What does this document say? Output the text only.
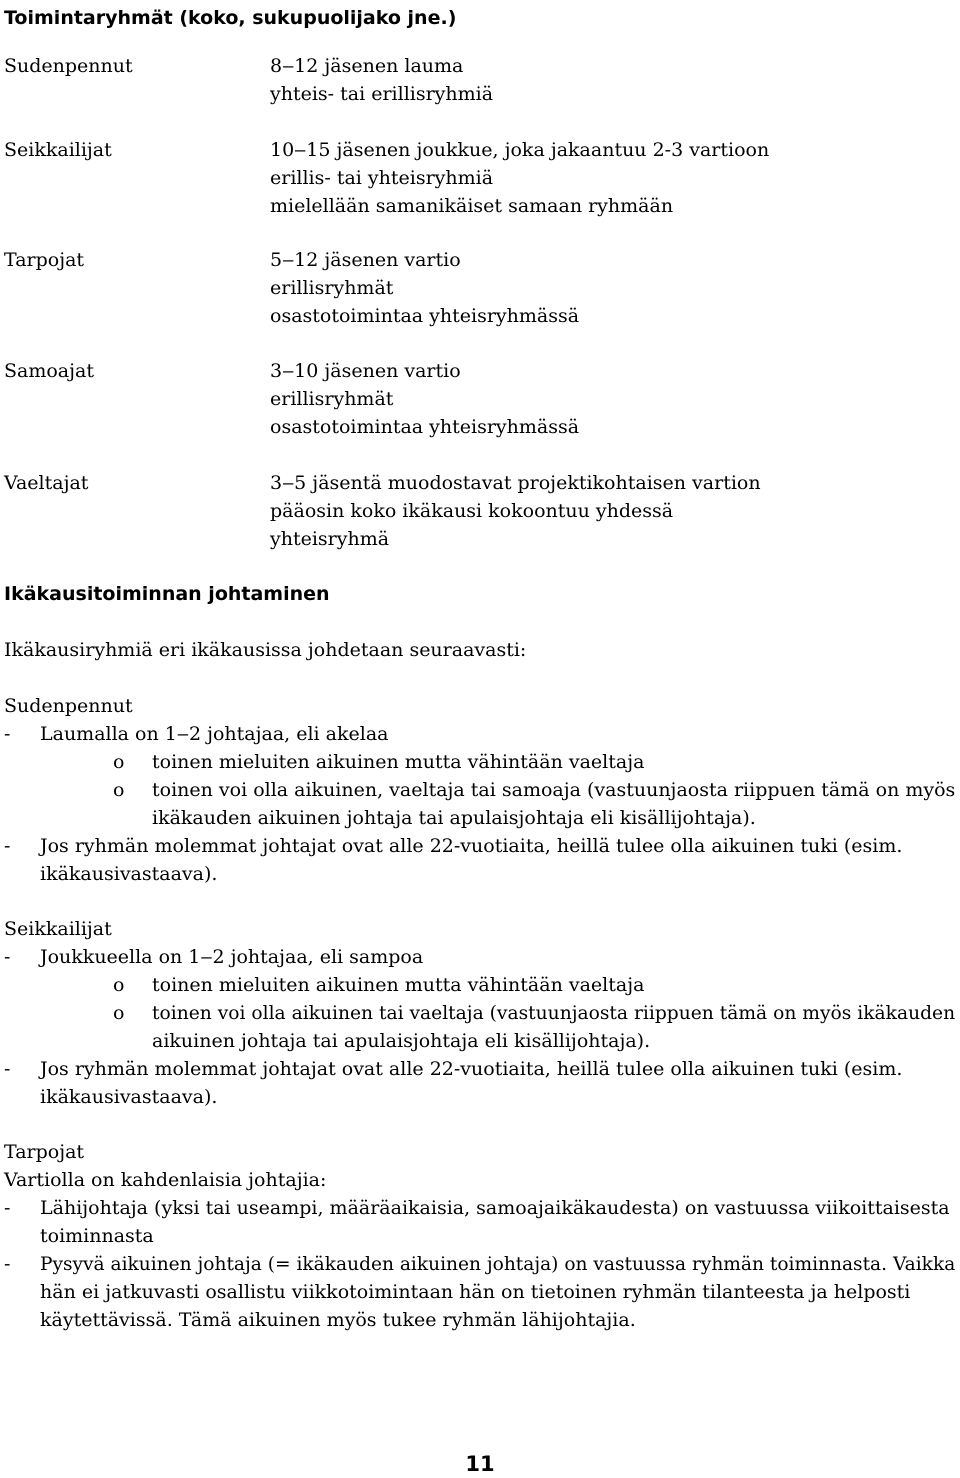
Toimintaryhmät (koko, sukupuolijako jne.)
Sudenpennut	8‒12 jäsenen lauma
yhteis- tai erillisryhmiä
Seikkailijat	10‒15 jäsenen joukkue, joka jakaantuu 2-3 vartioon
erillis- tai yhteisryhmiä
mielellään samanikäiset samaan ryhmään
Tarpojat	5‒12 jäsenen vartio
erillisryhmät
osastotoimintaa yhteisryhmässä
Samoajat	3‒10 jäsenen vartio
erillisryhmät
osastotoimintaa yhteisryhmässä
Vaeltajat	3‒5 jäsentä muodostavat projektikohtaisen vartion
pääosin koko ikäkausi kokoontuu yhdessä
yhteisryhmä
Ikäkausitoiminnan johtaminen
Ikäkausiryhmiä eri ikäkausissa johdetaan seuraavasti:
Sudenpennut
- Laumalla on 1‒2 johtajaa, eli akelaa
o toinen mieluiten aikuinen mutta vähintään vaeltaja
o toinen voi olla aikuinen, vaeltaja tai samoaja (vastuunjaosta riippuen tämä on myös
ikäkauden aikuinen johtaja tai apulaisjohtaja eli kisällijohtaja).
- Jos ryhmän molemmat johtajat ovat alle 22-vuotiaita, heillä tulee olla aikuinen tuki (esim.
ikäkausivastaava).
Seikkailijat
- Joukkueella on 1‒2 johtajaa, eli sampoa
o toinen mieluiten aikuinen mutta vähintään vaeltaja
o toinen voi olla aikuinen tai vaeltaja (vastuunjaosta riippuen tämä on myös ikäkauden
aikuinen johtaja tai apulaisjohtaja eli kisällijohtaja).
- Jos ryhmän molemmat johtajat ovat alle 22-vuotiaita, heillä tulee olla aikuinen tuki (esim.
ikäkausivastaava).
Tarpojat
Vartiolla on kahdenlaisia johtajia:
- Lähijohtaja (yksi tai useampi, määräaikaisia, samoajaikäkaudesta) on vastuussa viikoittaisesta
toiminnasta
- Pysyvä aikuinen johtaja (= ikäkauden aikuinen johtaja) on vastuussa ryhmän toiminnasta. Vaikka
hän ei jatkuvasti osallistu viikkotoimintaan hän on tietoinen ryhmän tilanteesta ja helposti
käytettävissä. Tämä aikuinen myös tukee ryhmän lähijohtajia.
11
